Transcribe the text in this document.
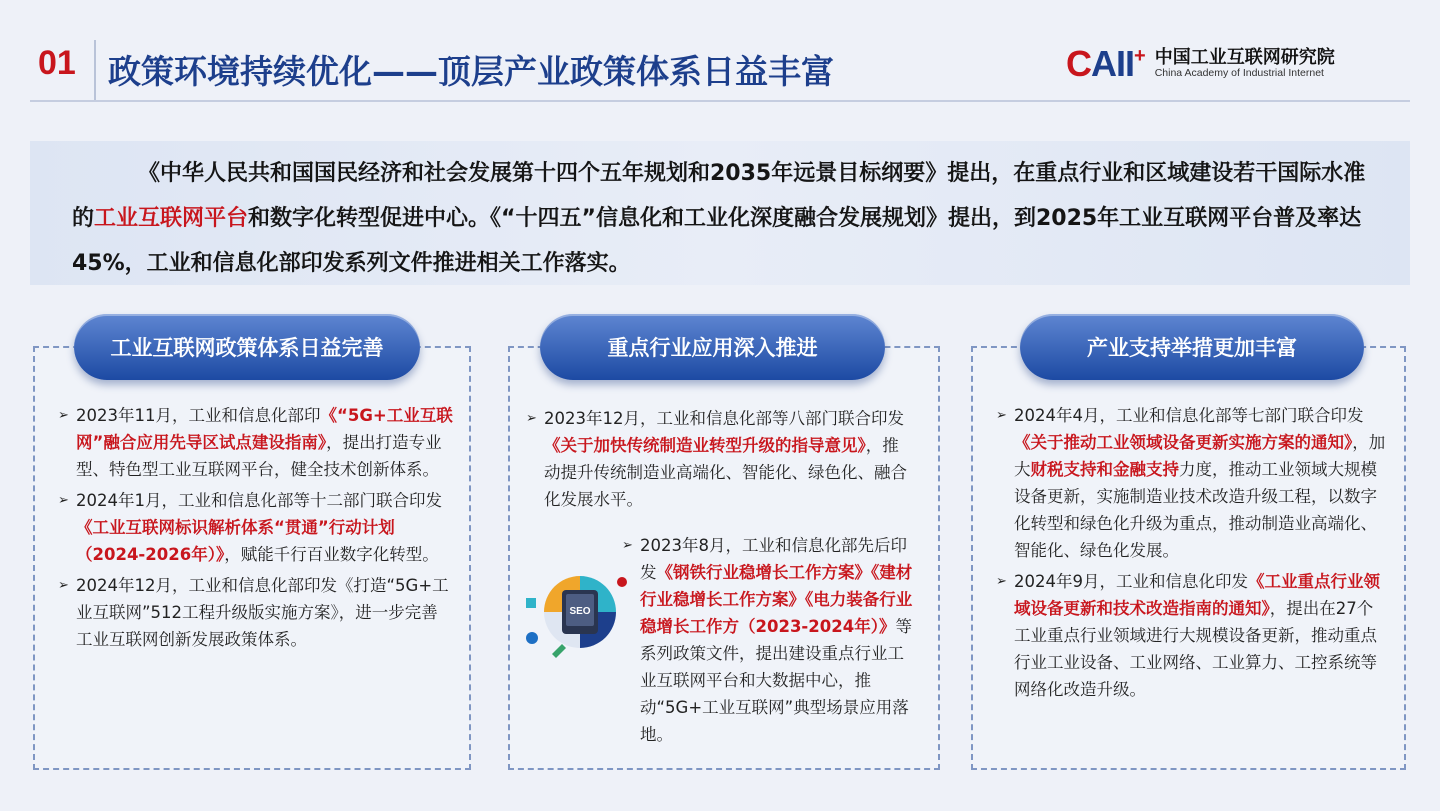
01 政策环境持续优化——顶层产业政策体系日益丰富	CAII+ 中国工业互联网研究院
China Academy of Industrial Internet
《中华人民共和国国民经济和社会发展第十四个五年规划和2035年远景目标纲要》提出，在重点行业和区域建设若干国际水准的工业互联网平台和数字化转型促进中心。《“十四五”信息化和工业化深度融合发展规划》提出，到2025年工业互联网平台普及率达45%，工业和信息化部印发系列文件推进相关工作落实。
工业互联网政策体系日益完善
➢ 2023年11月，工业和信息化部印《“5G+工业互联网”融合应用先导区试点建设指南》，提出打造专业型、特色型工业互联网平台，健全技术创新体系。
➢ 2024年1月，工业和信息化部等十二部门联合印发《工业互联网标识解析体系“贯通”行动计划（2024-2026年）》，赋能千行百业数字化转型。
➢ 2024年12月，工业和信息化部印发《打造“5G+工业互联网”512工程升级版实施方案》，进一步完善工业互联网创新发展政策体系。
重点行业应用深入推进
➢ 2023年12月，工业和信息化部等八部门联合印发《关于加快传统制造业转型升级的指导意见》，推动提升传统制造业高端化、智能化、绿色化、融合化发展水平。
➢ 2023年8月，工业和信息化部先后印发《钢铁行业稳增长工作方案》《建材行业稳增长工作方案》《电力装备行业稳增长工作方（2023-2024年）》等系列政策文件，提出建设重点行业工业互联网平台和大数据中心，推动“5G+工业互联网”典型场景应用落地。
SEO
产业支持举措更加丰富
➢ 2024年4月，工业和信息化部等七部门联合印发《关于推动工业领域设备更新实施方案的通知》，加大财税支持和金融支持力度，推动工业领域大规模设备更新，实施制造业技术改造升级工程，以数字化转型和绿色化升级为重点，推动制造业高端化、智能化、绿色化发展。
➢ 2024年9月，工业和信息化印发《工业重点行业领域设备更新和技术改造指南的通知》，提出在27个工业重点行业领域进行大规模设备更新，推动重点行业工业设备、工业网络、工业算力、工控系统等网络化改造升级。
